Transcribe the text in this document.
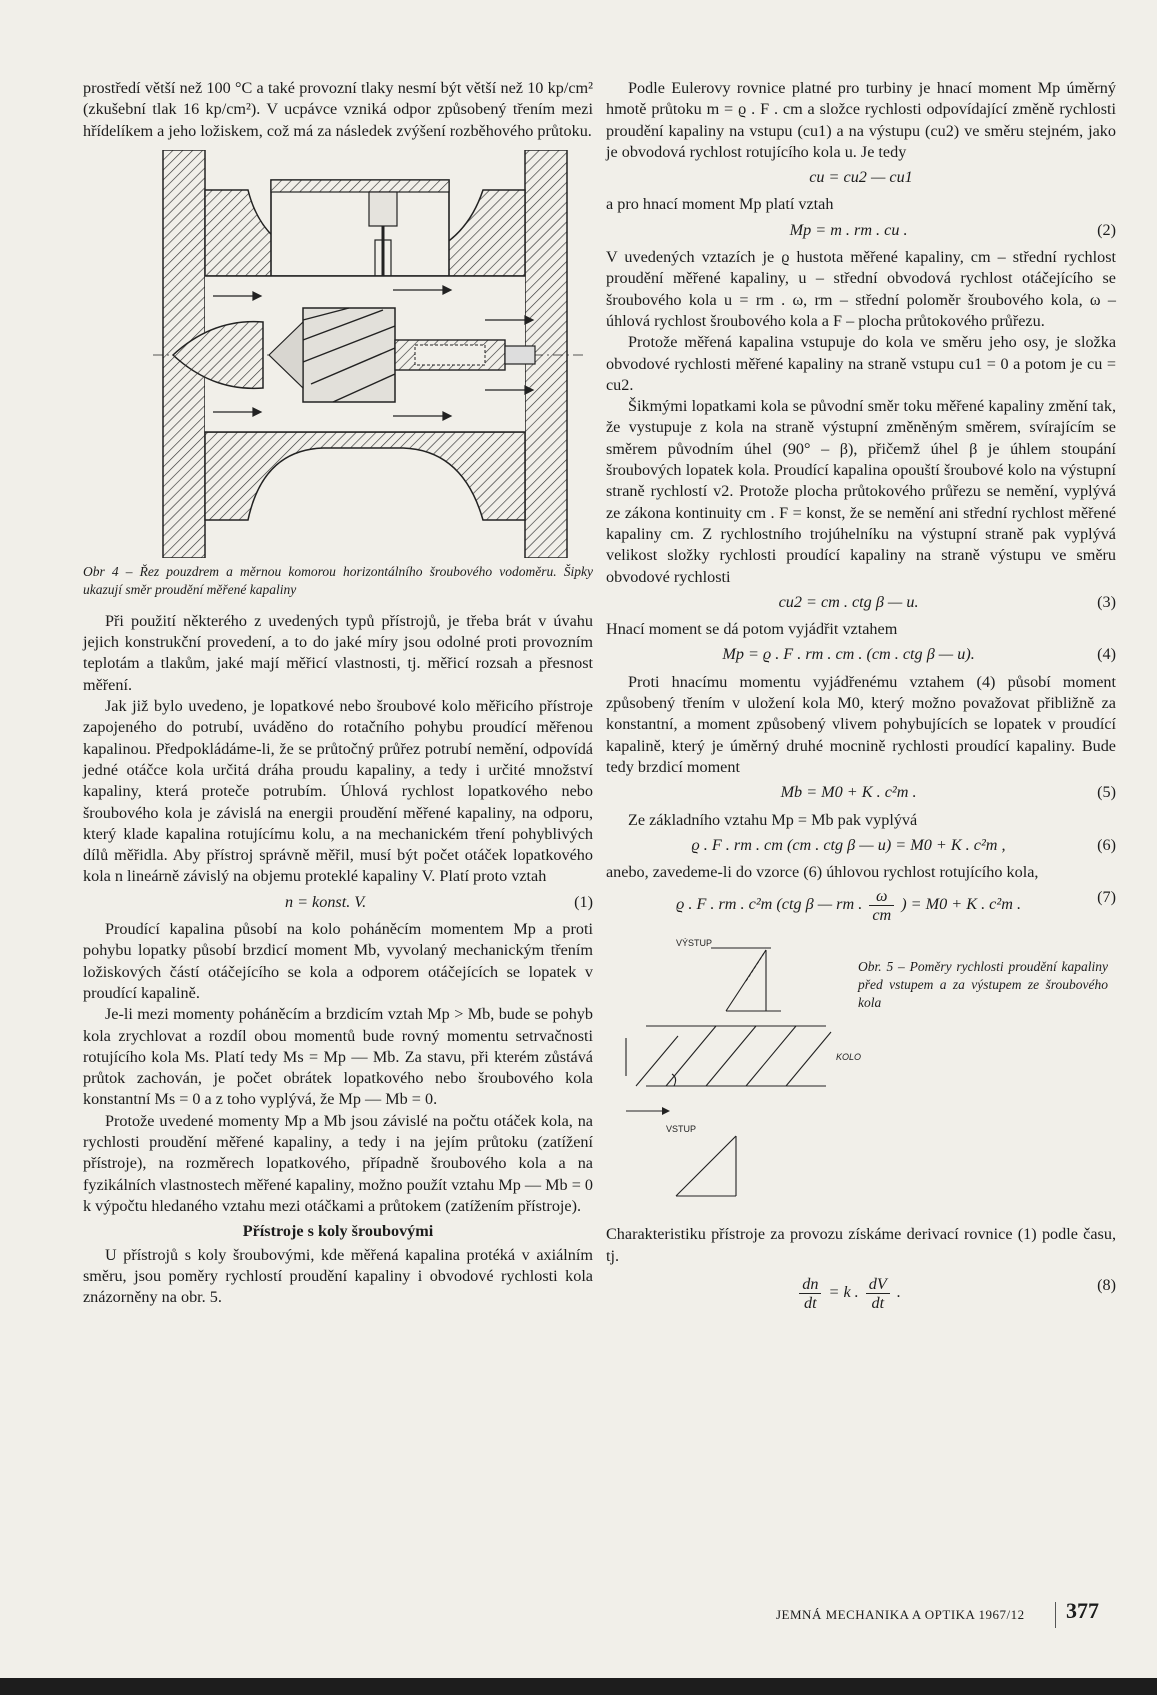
prostředí větší než 100 °C a také provozní tlaky nesmí být větší než 10 kp/cm² (zkušební tlak 16 kp/cm²). V ucpávce vzniká odpor způsobený třením mezi hřídelíkem a jeho ložiskem, což má za následek zvýšení rozběhového průtoku.

Obr 4 – Řez pouzdrem a měrnou komorou horizontálního šroubového vodoměru. Šipky ukazují směr proudění měřené kapaliny

Při použití některého z uvedených typů přístrojů, je třeba brát v úvahu jejich konstrukční provedení, a to do jaké míry jsou odolné proti provozním teplotám a tlakům, jaké mají měřicí vlastnosti, tj. měřicí rozsah a přesnost měření.

Jak již bylo uvedeno, je lopatkové nebo šroubové kolo měřicího přístroje zapojeného do potrubí, uváděno do rotačního pohybu proudící měřenou kapalinou. Předpokládáme-li, že se průtočný průřez potrubí nemění, odpovídá jedné otáčce kola určitá dráha proudu kapaliny, a tedy i určité množství kapaliny, která proteče potrubím. Úhlová rychlost lopatkového nebo šroubového kola je závislá na energii proudění měřené kapaliny, na odporu, který klade kapalina rotujícímu kolu, a na mechanickém tření pohyblivých dílů měřidla. Aby přístroj správně měřil, musí být počet otáček lopatkového kola n lineárně závislý na objemu proteklé kapaliny V. Platí proto vztah

n = konst. V.	(1)

Proudící kapalina působí na kolo poháněcím momentem Mp a proti pohybu lopatky působí brzdicí moment Mb, vyvolaný mechanickým třením ložiskových částí otáčejícího se kola a odporem otáčejících se lopatek v proudící kapalině.

Je-li mezi momenty poháněcím a brzdicím vztah Mp > Mb, bude se pohyb kola zrychlovat a rozdíl obou momentů bude rovný momentu setrvačnosti rotujícího kola Ms. Platí tedy Ms = Mp — Mb. Za stavu, při kterém zůstává průtok zachován, je počet obrátek lopatkového nebo šroubového kola konstantní Ms = 0 a z toho vyplývá, že Mp — Mb = 0.

Protože uvedené momenty Mp a Mb jsou závislé na počtu otáček kola, na rychlosti proudění měřené kapaliny, a tedy i na jejím průtoku (zatížení přístroje), na rozměrech lopatkového, případně šroubového kola a na fyzikálních vlastnostech měřené kapaliny, možno použít vztahu Mp — Mb = 0 k výpočtu hledaného vztahu mezi otáčkami a průtokem (zatížením přístroje).

Přístroje s koly šroubovými

U přístrojů s koly šroubovými, kde měřená kapalina protéká v axiálním směru, jsou poměry rychlostí proudění kapaliny i obvodové rychlosti kola znázorněny na obr. 5.

Podle Eulerovy rovnice platné pro turbiny je hnací moment Mp úměrný hmotě průtoku m = ϱ . F . cm a složce rychlosti odpovídající změně rychlosti proudění kapaliny na vstupu (cu1) a na výstupu (cu2) ve směru stejném, jako je obvodová rychlost rotujícího kola u. Je tedy

cu = cu2 — cu1

a pro hnací moment Mp platí vztah

Mp = m . rm . cu .	(2)

V uvedených vztazích je ϱ hustota měřené kapaliny, cm – střední rychlost proudění měřené kapaliny, u – střední obvodová rychlost otáčejícího se šroubového kola u = rm . ω, rm – střední poloměr šroubového kola, ω – úhlová rychlost šroubového kola a F – plocha průtokového průřezu.

Protože měřená kapalina vstupuje do kola ve směru jeho osy, je složka obvodové rychlosti měřené kapaliny na straně vstupu cu1 = 0 a potom je cu = cu2.

Šikmými lopatkami kola se původní směr toku měřené kapaliny změní tak, že vystupuje z kola na straně výstupní změněným směrem, svírajícím se směrem původním úhel (90° – β), přičemž úhel β je úhlem stoupání šroubových lopatek kola. Proudící kapalina opouští šroubové kolo na výstupní straně rychlostí v2. Protože plocha průtokového průřezu se nemění, vyplývá ze zákona kontinuity cm . F = konst, že se nemění ani střední rychlost měřené kapaliny cm. Z rychlostního trojúhelníku na výstupní straně pak vyplývá velikost složky rychlosti proudící kapaliny na straně výstupu ve směru obvodové rychlosti

cu2 = cm . ctg β — u.	(3)

Hnací moment se dá potom vyjádřit vztahem

Mp = ϱ . F . rm . cm . (cm . ctg β — u).	(4)

Proti hnacímu momentu vyjádřenému vztahem (4) působí moment způsobený třením v uložení kola M0, který možno považovat přibližně za konstantní, a moment způsobený vlivem pohybujících se lopatek v proudící kapalině, který je úměrný druhé mocnině rychlosti proudící kapaliny. Bude tedy brzdicí moment

Mb = M0 + K . c²m .	(5)

Ze základního vztahu Mp = Mb pak vyplývá

ϱ . F . rm . cm (cm . ctg β — u) = M0 + K . c²m ,	(6)

anebo, zavedeme-li do vzorce (6) úhlovou rychlost rotujícího kola,

ϱ . F . rm . c²m (ctg β — rm . $\frac{\omega}{cm}$ ) = M0 + K . c²m .	(7)
VÝSTUP
KOLO
VSTUP

Obr. 5 – Poměry rychlosti proudění kapaliny před vstupem a za výstupem ze šroubového kola

Charakteristiku přístroje za provozu získáme derivací rovnice (1) podle času, tj.

$\frac{dn}{dt} = k$ . $\frac{dV}{dt}$ .	(8)
JEMNÁ MECHANIKA A OPTIKA 1967/12 377
